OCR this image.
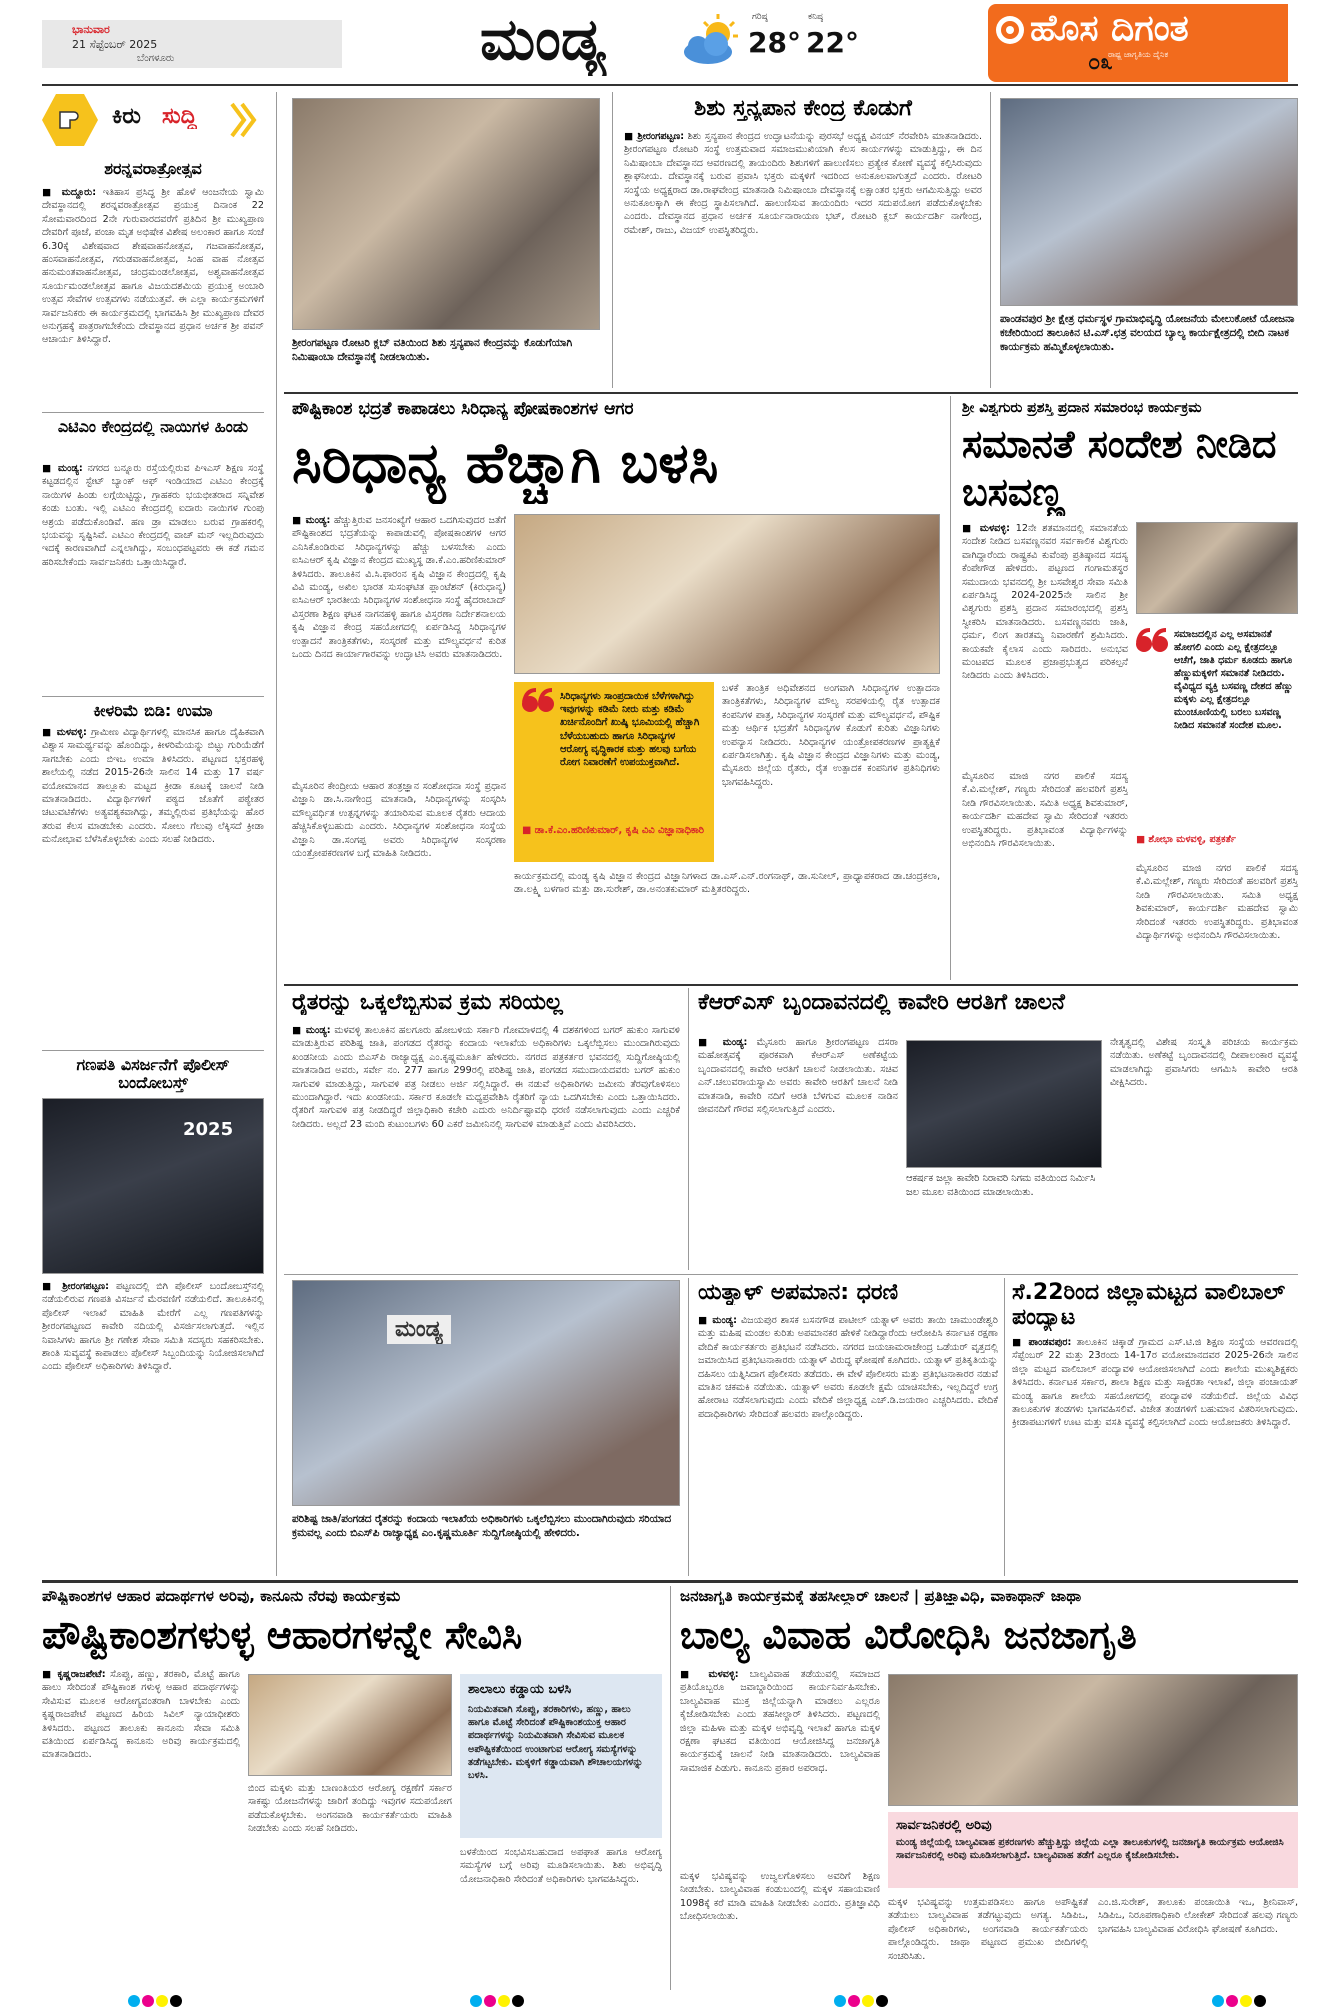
ಭಾನುವಾರ
21 ಸೆಪ್ಟೆಂಬರ್ 2025
ಬೆಂಗಳೂರು	ಮಂಡ್ಯ	ಗರಿಷ್ಠ
28°
ಕನಿಷ್ಠ
22°	ಹೊಸ ದಿಗಂತ
ರಾಷ್ಟ್ರ ಜಾಗೃತಿಯ ದೈನಿಕ
೦೩
ಕಿರು ಸುದ್ದಿ
ಶರನ್ನವರಾತ್ರೋತ್ಸವ
■ ಮದ್ದೂರು: ಇತಿಹಾಸ ಪ್ರಸಿದ್ಧ ಶ್ರೀ ಹೊಳೆ ಆಂಜನೇಯ ಸ್ವಾಮಿ ದೇವಸ್ಥಾನದಲ್ಲಿ ಶರನ್ನವರಾತ್ರೋತ್ಸವ ಪ್ರಯುಕ್ತ ದಿನಾಂಕ 22 ಸೋಮವಾರದಿಂದ 2ನೇ ಗುರುವಾರದವರೆಗೆ ಪ್ರತಿದಿನ ಶ್ರೀ ಮುಖ್ಯಪ್ರಾಣ ದೇವರಿಗೆ ಪೂಜೆ, ಪಂಚಾ ಮೃತ ಅಭಿಷೇಕ ವಿಶೇಷ ಅಲಂಕಾರ ಹಾಗೂ ಸಂಜೆ 6.30ಕ್ಕೆ ವಿಶೇಷವಾದ ಶೇಷವಾಹನೋತ್ಸವ, ಗಜವಾಹನೋತ್ಸವ, ಹಂಸವಾಹನೋತ್ಸವ, ಗರುಡವಾಹನೋತ್ಸವ, ಸಿಂಹ ವಾಹ ನೋತ್ಸವ ಹನುಮಂತವಾಹನೋತ್ಸವ, ಚಂದ್ರಮಂಡಲೋತ್ಸವ, ಅಶ್ವವಾಹನೋತ್ಸವ ಸೂರ್ಯಮಂಡಲೋತ್ಸವ ಹಾಗೂ ವಿಜಯದಶಮಿಯ ಪ್ರಯುಕ್ತ ಅಂಬಾರಿ ಉತ್ಸವ ಸೇವೆಗಳ ಉತ್ಸವಗಳು ನಡೆಯುತ್ತವೆ. ಈ ಎಲ್ಲಾ ಕಾರ್ಯಕ್ರಮಗಳಿಗೆ ಸಾರ್ವಜನಿಕರು ಈ ಕಾರ್ಯಕ್ರಮದಲ್ಲಿ ಭಾಗವಹಿಸಿ ಶ್ರೀ ಮುಖ್ಯಪ್ರಾಣ ದೇವರ ಅನುಗ್ರಹಕ್ಕೆ ಪಾತ್ರರಾಗಬೇಕೆಂದು ದೇವಸ್ಥಾನದ ಪ್ರಧಾನ ಅರ್ಚಕ ಶ್ರೀ ಪವನ್ ಆಚಾರ್ಯ ತಿಳಿಸಿದ್ದಾರೆ.
ಎಟಿಎಂ ಕೇಂದ್ರದಲ್ಲಿ ನಾಯಿಗಳ ಹಿಂಡು
■ ಮಂಡ್ಯ: ನಗರದ ಬನ್ನೂರು ರಸ್ತೆಯಲ್ಲಿರುವ ಪಿಇಎಸ್ ಶಿಕ್ಷಣ ಸಂಸ್ಥೆ ಕಟ್ಟಡದಲ್ಲಿನ ಸ್ಟೇಟ್ ಬ್ಯಾಂಕ್ ಆಫ್ ಇಂಡಿಯಾದ ಎಟಿಎಂ ಕೇಂದ್ರಕ್ಕೆ ನಾಯಿಗಳ ಹಿಂಡು ಲಗ್ಗೆಯಿಟ್ಟಿದ್ದು, ಗ್ರಾಹಕರು ಭಯಭೀತರಾದ ಸನ್ನಿವೇಶ ಕಂಡು ಬಂತು. ಇಲ್ಲಿ ಎಟಿಎಂ ಕೇಂದ್ರದಲ್ಲಿ ಐದಾರು ನಾಯಿಗಳ ಗುಂಪು ಆಶ್ರಯ ಪಡೆದುಕೊಂಡಿವೆ. ಹಣ ಡ್ರಾ ಮಾಡಲು ಬರುವ ಗ್ರಾಹಕರಲ್ಲಿ ಭಯವನ್ನು ಸೃಷ್ಟಿಸಿವೆ. ಎಟಿಎಂ ಕೇಂದ್ರದಲ್ಲಿ ವಾಚ್ ಮನ್ ಇಲ್ಲದಿರುವುದು ಇದಕ್ಕೆ ಕಾರಣವಾಗಿದೆ ಎನ್ನಲಾಗಿದ್ದು, ಸಂಬಂಧಪಟ್ಟವರು ಈ ಕಡೆ ಗಮನ ಹರಿಸಬೇಕೆಂದು ಸಾರ್ವಜನಿಕರು ಒತ್ತಾಯಿಸಿದ್ದಾರೆ.
ಕೀಳರಿಮೆ ಬಿಡಿ: ಉಮಾ
■ ಮಳವಳ್ಳಿ: ಗ್ರಾಮೀಣ ವಿದ್ಯಾರ್ಥಿಗಳಲ್ಲಿ ಮಾನಸಿಕ ಹಾಗೂ ದೈಹಿಕವಾಗಿ ವಿಶ್ವಾಸ ಸಾಮರ್ಥ್ಯವನ್ನು ಹೊಂದಿದ್ದು, ಕೀಳರಿಮೆಯನ್ನು ಬಿಟ್ಟು ಗುರಿಯೆಡೆಗೆ ಸಾಗಬೇಕು ಎಂದು ಬಿಇಒ ಉಮಾ ತಿಳಿಸಿದರು. ಪಟ್ಟಣದ ಭಕ್ತರಹಳ್ಳಿ ಶಾಲೆಯಲ್ಲಿ ನಡೆದ 2015-26ನೇ ಸಾಲಿನ 14 ಮತ್ತು 17 ವರ್ಷ ವಯೋಮಾನದ ತಾಲ್ಲೂಕು ಮಟ್ಟದ ಕ್ರೀಡಾ ಕೂಟಕ್ಕೆ ಚಾಲನೆ ನೀಡಿ ಮಾತನಾಡಿದರು. ವಿದ್ಯಾರ್ಥಿಗಳಿಗೆ ಪಠ್ಯದ ಜೊತೆಗೆ ಪಠ್ಯೇತರ ಚಟುವಟಿಕೆಗಳು ಅತ್ಯವಶ್ಯಕವಾಗಿದ್ದು, ತಮ್ಮಲ್ಲಿರುವ ಪ್ರತಿಭೆಯನ್ನು ಹೊರ ತರುವ ಕೆಲಸ ಮಾಡಬೇಕು ಎಂದರು. ಸೋಲು ಗೆಲುವು ಲೆಕ್ಕಿಸದೆ ಕ್ರೀಡಾ ಮನೋಭಾವ ಬೆಳೆಸಿಕೊಳ್ಳಬೇಕು ಎಂದು ಸಲಹೆ ನೀಡಿದರು.
ಗಣಪತಿ ವಿಸರ್ಜನೆಗೆ ಪೊಲೀಸ್ ಬಂದೋಬಸ್ತ್
2025
■ ಶ್ರೀರಂಗಪಟ್ಟಣ: ಪಟ್ಟಣದಲ್ಲಿ ಬಿಗಿ ಪೊಲೀಸ್ ಬಂದೋಬಸ್ತ್‌ನಲ್ಲಿ ನಡೆಯಲಿರುವ ಗಣಪತಿ ವಿಸರ್ಜನೆ ಮೆರವಣಿಗೆ ನಡೆಯಲಿದೆ. ತಾಲೂಕಿನಲ್ಲಿ ಪೊಲೀಸ್ ಇಲಾಖೆ ಮಾಹಿತಿ ಮೇರೆಗೆ ಎಲ್ಲ ಗಣಪತಿಗಳನ್ನು ಶ್ರೀರಂಗಪಟ್ಟಣದ ಕಾವೇರಿ ನದಿಯಲ್ಲಿ ವಿಸರ್ಜಿಸಲಾಗುತ್ತದೆ. ಇಲ್ಲಿನ ನಿವಾಸಿಗಳು ಹಾಗೂ ಶ್ರೀ ಗಣೇಶ ಸೇವಾ ಸಮಿತಿ ಸದಸ್ಯರು ಸಹಕರಿಸಬೇಕು. ಶಾಂತಿ ಸುವ್ಯವಸ್ಥೆ ಕಾಪಾಡಲು ಪೊಲೀಸ್ ಸಿಬ್ಬಂದಿಯನ್ನು ನಿಯೋಜಿಸಲಾಗಿದೆ ಎಂದು ಪೊಲೀಸ್ ಅಧಿಕಾರಿಗಳು ತಿಳಿಸಿದ್ದಾರೆ.
ಶ್ರೀರಂಗಪಟ್ಟಣ ರೋಟರಿ ಕ್ಲಬ್ ವತಿಯಿಂದ ಶಿಶು ಸ್ತನ್ಯಪಾನ ಕೇಂದ್ರವನ್ನು ಕೊಡುಗೆಯಾಗಿ ನಿಮಿಷಾಂಬಾ ದೇವಸ್ಥಾನಕ್ಕೆ ನೀಡಲಾಯಿತು.
ಶಿಶು ಸ್ತನ್ಯಪಾನ ಕೇಂದ್ರ ಕೊಡುಗೆ
■ ಶ್ರೀರಂಗಪಟ್ಟಣ: ಶಿಶು ಸ್ತನ್ಯಪಾನ ಕೇಂದ್ರದ ಉದ್ಘಾಟನೆಯನ್ನು ಪುರಸಭೆ ಅಧ್ಯಕ್ಷ ವಿನಯ್ ನೆರವೇರಿಸಿ ಮಾತನಾಡಿದರು. ಶ್ರೀರಂಗಪಟ್ಟಣ ರೋಟರಿ ಸಂಸ್ಥೆ ಉತ್ತಮವಾದ ಸಮಾಜಮುಖಿಯಾಗಿ ಕೆಲಸ ಕಾರ್ಯಗಳನ್ನು ಮಾಡುತ್ತಿದ್ದು, ಈ ದಿನ ನಿಮಿಷಾಂಬಾ ದೇವಸ್ಥಾನದ ಆವರಣದಲ್ಲಿ ತಾಯಂದಿರು ಶಿಶುಗಳಿಗೆ ಹಾಲುಣಿಸಲು ಪ್ರತ್ಯೇಕ ಕೋಣೆ ವ್ಯವಸ್ಥೆ ಕಲ್ಪಿಸಿರುವುದು ಶ್ಲಾಘನೀಯ. ದೇವಸ್ಥಾನಕ್ಕೆ ಬರುವ ಪ್ರವಾಸಿ ಭಕ್ತರು ಮಕ್ಕಳಿಗೆ ಇದರಿಂದ ಅನುಕೂಲವಾಗುತ್ತದೆ ಎಂದರು. ರೋಟರಿ ಸಂಸ್ಥೆಯ ಅಧ್ಯಕ್ಷರಾದ ಡಾ.ರಾಘವೇಂದ್ರ ಮಾತನಾಡಿ ನಿಮಿಷಾಂಬಾ ದೇವಸ್ಥಾನಕ್ಕೆ ಲಕ್ಷಾಂತರ ಭಕ್ತರು ಆಗಮಿಸುತ್ತಿದ್ದು ಅವರ ಅನುಕೂಲಕ್ಕಾಗಿ ಈ ಕೇಂದ್ರ ಸ್ಥಾಪಿಸಲಾಗಿದೆ. ಹಾಲುಣಿಸುವ ತಾಯಂದಿರು ಇದರ ಸದುಪಯೋಗ ಪಡೆದುಕೊಳ್ಳಬೇಕು ಎಂದರು. ದೇವಸ್ಥಾನದ ಪ್ರಧಾನ ಅರ್ಚಕ ಸೂರ್ಯನಾರಾಯಣ ಭಟ್, ರೋಟರಿ ಕ್ಲಬ್ ಕಾರ್ಯದರ್ಶಿ ನಾಗೇಂದ್ರ, ರಮೇಶ್, ರಾಜು, ವಿಜಯ್ ಉಪಸ್ಥಿತರಿದ್ದರು.
ಪಾಂಡವಪುರ ಶ್ರೀ ಕ್ಷೇತ್ರ ಧರ್ಮಸ್ಥಳ ಗ್ರಾಮಾಭಿವೃದ್ಧಿ ಯೋಜನೆಯ ಮೇಲುಕೋಟೆ ಯೋಜನಾ ಕಚೇರಿಯಿಂದ ತಾಲೂಕಿನ ಟಿ.ಎಸ್.ಛತ್ರ ವಲಯದ ಬ್ಯಾಲ್ಯ ಕಾರ್ಯಕ್ಷೇತ್ರದಲ್ಲಿ ಬೀದಿ ನಾಟಕ ಕಾರ್ಯಕ್ರಮ ಹಮ್ಮಿಕೊಳ್ಳಲಾಯಿತು.
ಪೌಷ್ಟಿಕಾಂಶ ಭದ್ರತೆ ಕಾಪಾಡಲು ಸಿರಿಧಾನ್ಯ ಪೋಷಕಾಂಶಗಳ ಆಗರ
ಸಿರಿಧಾನ್ಯ ಹೆಚ್ಚಾಗಿ ಬಳಸಿ
■ ಮಂಡ್ಯ: ಹೆಚ್ಚುತ್ತಿರುವ ಜನಸಂಖ್ಯೆಗೆ ಆಹಾರ ಒದಗಿಸುವುದರ ಜತೆಗೆ ಪೌಷ್ಟಿಕಾಂಶದ ಭದ್ರತೆಯನ್ನು ಕಾಪಾಡುವಲ್ಲಿ ಪೋಷಕಾಂಶಗಳ ಆಗರ ಎನಿಸಿಕೊಂಡಿರುವ ಸಿರಿಧಾನ್ಯಗಳನ್ನು ಹೆಚ್ಚು ಬಳಸಬೇಕು ಎಂದು ಐಸಿಎಆರ್ ಕೃಷಿ ವಿಜ್ಞಾನ ಕೇಂದ್ರದ ಮುಖ್ಯಸ್ಥ ಡಾ.ಕೆ.ಎಂ.ಹರಿಣಿಕುಮಾರ್ ತಿಳಿಸಿದರು. ತಾಲೂಕಿನ ವಿ.ಸಿ.ಫಾರಂನ ಕೃಷಿ ವಿಜ್ಞಾನ ಕೇಂದ್ರದಲ್ಲಿ ಕೃಷಿ ವಿವಿ ಮಂಡ್ಯ, ಅಖಿಲ ಭಾರತ ಸುಸಂಘಟಿತ ಪ್ಲಾಂಟೆಶನ್ (ಕಿರುಧಾನ್ಯ) ಐಸಿಎಆರ್ ಭಾರತೀಯ ಸಿರಿಧಾನ್ಯಗಳ ಸಂಶೋಧನಾ ಸಂಸ್ಥೆ ಹೈದರಾಬಾದ್ ವಿಸ್ತರಣಾ ಶಿಕ್ಷಣ ಘಟಕ ನಾಗನಹಳ್ಳಿ ಹಾಗೂ ವಿಸ್ತರಣಾ ನಿರ್ದೇಶನಾಲಯ ಕೃಷಿ ವಿಜ್ಞಾನ ಕೇಂದ್ರ ಸಹಯೋಗದಲ್ಲಿ ಏರ್ಪಡಿಸಿದ್ದ ಸಿರಿಧಾನ್ಯಗಳ ಉತ್ಪಾದನೆ ತಾಂತ್ರಿಕತೆಗಳು, ಸಂಸ್ಕರಣೆ ಮತ್ತು ಮೌಲ್ಯವರ್ಧನೆ ಕುರಿತ ಒಂದು ದಿನದ ಕಾರ್ಯಾಗಾರವನ್ನು ಉದ್ಘಾಟಿಸಿ ಅವರು ಮಾತನಾಡಿದರು.
ಮೈಸೂರಿನ ಕೇಂದ್ರೀಯ ಆಹಾರ ತಂತ್ರಜ್ಞಾನ ಸಂಶೋಧನಾ ಸಂಸ್ಥೆ ಪ್ರಧಾನ ವಿಜ್ಞಾನಿ ಡಾ.ಸಿ.ನಾಗೇಂದ್ರ ಮಾತನಾಡಿ, ಸಿರಿಧಾನ್ಯಗಳನ್ನು ಸಂಸ್ಕರಿಸಿ ಮೌಲ್ಯವರ್ಧಿತ ಉತ್ಪನ್ನಗಳನ್ನು ತಯಾರಿಸುವ ಮೂಲಕ ರೈತರು ಆದಾಯ ಹೆಚ್ಚಿಸಿಕೊಳ್ಳಬಹುದು ಎಂದರು. ಸಿರಿಧಾನ್ಯಗಳ ಸಂಶೋಧನಾ ಸಂಸ್ಥೆಯ ವಿಜ್ಞಾನಿ ಡಾ.ಸಂಗಪ್ಪ ಅವರು ಸಿರಿಧಾನ್ಯಗಳ ಸಂಸ್ಕರಣಾ ಯಂತ್ರೋಪಕರಣಗಳ ಬಗ್ಗೆ ಮಾಹಿತಿ ನೀಡಿದರು.
ಸಿರಿಧಾನ್ಯಗಳು ಸಾಂಪ್ರದಾಯಿಕ ಬೆಳೆಗಳಾಗಿದ್ದು ಇವುಗಳನ್ನು ಕಡಿಮೆ ನೀರು ಮತ್ತು ಕಡಿಮೆ ಖರ್ಚಿನೊಂದಿಗೆ ಖುಷ್ಕಿ ಭೂಮಿಯಲ್ಲಿ ಹೆಚ್ಚಾಗಿ ಬೆಳೆಯಬಹುದು ಹಾಗೂ ಸಿರಿಧಾನ್ಯಗಳ ಆರೋಗ್ಯ ವೃದ್ಧಿಕಾರಕ ಮತ್ತು ಹಲವು ಬಗೆಯ ರೋಗ ನಿವಾರಣೆಗೆ ಉಪಯುಕ್ತವಾಗಿದೆ.
■ ಡಾ.ಕೆ.ಎಂ.ಹರಿಣಿಕುಮಾರ್, ಕೃಷಿ ವಿವಿ ವಿಜ್ಞಾನಾಧಿಕಾರಿ
ಬಳಕೆ ತಾಂತ್ರಿಕ ಅಧಿವೇಶನದ ಅಂಗವಾಗಿ ಸಿರಿಧಾನ್ಯಗಳ ಉತ್ಪಾದನಾ ತಾಂತ್ರಿಕತೆಗಳು, ಸಿರಿಧಾನ್ಯಗಳ ಮೌಲ್ಯ ಸರಪಳಿಯಲ್ಲಿ ರೈತ ಉತ್ಪಾದಕ ಕಂಪನಿಗಳ ಪಾತ್ರ, ಸಿರಿಧಾನ್ಯಗಳ ಸಂಸ್ಕರಣೆ ಮತ್ತು ಮೌಲ್ಯವರ್ಧನೆ, ಪೌಷ್ಟಿಕ ಮತ್ತು ಆರ್ಥಿಕ ಭದ್ರತೆಗೆ ಸಿರಿಧಾನ್ಯಗಳ ಕೊಡುಗೆ ಕುರಿತು ವಿಜ್ಞಾನಿಗಳು ಉಪನ್ಯಾಸ ನೀಡಿದರು. ಸಿರಿಧಾನ್ಯಗಳ ಯಂತ್ರೋಪಕರಣಗಳ ಪ್ರಾತ್ಯಕ್ಷಿಕೆ ಏರ್ಪಡಿಸಲಾಗಿತ್ತು. ಕೃಷಿ ವಿಜ್ಞಾನ ಕೇಂದ್ರದ ವಿಜ್ಞಾನಿಗಳು ಮತ್ತು ಮಂಡ್ಯ, ಮೈಸೂರು ಜಿಲ್ಲೆಯ ರೈತರು, ರೈತ ಉತ್ಪಾದಕ ಕಂಪನಿಗಳ ಪ್ರತಿನಿಧಿಗಳು ಭಾಗವಹಿಸಿದ್ದರು.
ಕಾರ್ಯಕ್ರಮದಲ್ಲಿ ಮಂಡ್ಯ ಕೃಷಿ ವಿಜ್ಞಾನ ಕೇಂದ್ರದ ವಿಜ್ಞಾನಿಗಳಾದ ಡಾ.ಎಸ್.ಎನ್.ರಂಗನಾಥ್, ಡಾ.ಸುನೀಲ್, ಪ್ರಾಧ್ಯಾಪಕರಾದ ಡಾ.ಚಂದ್ರಕಲಾ, ಡಾ.ಲಕ್ಷ್ಮಿ ಬಳಗಾರ ಮತ್ತು ಡಾ.ಸುರೇಶ್, ಡಾ.ಅನಂತಕುಮಾರ್ ಮತ್ತಿತರರಿದ್ದರು.
ಶ್ರೀ ವಿಶ್ವಗುರು ಪ್ರಶಸ್ತಿ ಪ್ರದಾನ ಸಮಾರಂಭ ಕಾರ್ಯಕ್ರಮ
ಸಮಾನತೆ ಸಂದೇಶ ನೀಡಿದ ಬಸವಣ್ಣ
■ ಮಳವಳ್ಳಿ: 12ನೇ ಶತಮಾನದಲ್ಲಿ ಸಮಾನತೆಯ ಸಂದೇಶ ನೀಡಿದ ಬಸವಣ್ಣನವರ ಸರ್ವಕಾಲಿಕ ವಿಶ್ವಗುರು ವಾಗಿದ್ದಾರೆಂದು ರಾಷ್ಟ್ರಕವಿ ಕುವೆಂಪು ಪ್ರತಿಷ್ಠಾನದ ಸದಸ್ಯ ಕೆಂಪೇಗೌಡ ಹೇಳಿದರು. ಪಟ್ಟಣದ ಗಂಗಾಮತಸ್ಥರ ಸಮುದಾಯ ಭವನದಲ್ಲಿ ಶ್ರೀ ಬಸವೇಶ್ವರ ಸೇವಾ ಸಮಿತಿ ಏರ್ಪಡಿಸಿದ್ದ 2024-2025ನೇ ಸಾಲಿನ ಶ್ರೀ ವಿಶ್ವಗುರು ಪ್ರಶಸ್ತಿ ಪ್ರದಾನ ಸಮಾರಂಭದಲ್ಲಿ ಪ್ರಶಸ್ತಿ ಸ್ವೀಕರಿಸಿ ಮಾತನಾಡಿದರು. ಬಸವಣ್ಣನವರು ಜಾತಿ, ಧರ್ಮ, ಲಿಂಗ ತಾರತಮ್ಯ ನಿವಾರಣೆಗೆ ಶ್ರಮಿಸಿದರು. ಕಾಯಕವೇ ಕೈಲಾಸ ಎಂದು ಸಾರಿದರು. ಅನುಭವ ಮಂಟಪದ ಮೂಲಕ ಪ್ರಜಾಪ್ರಭುತ್ವದ ಪರಿಕಲ್ಪನೆ ನೀಡಿದರು ಎಂದು ತಿಳಿಸಿದರು.
ಸಮಾಜದಲ್ಲಿನ ಎಲ್ಲ ಅಸಮಾನತೆ ಹೋಗಲಿ ಎಂದು ಎಲ್ಲ ಕ್ಷೇತ್ರದಲ್ಲೂ ಆಚೆಗೆ, ಜಾತಿ ಧರ್ಮ ಕೂಡದು ಹಾಗೂ ಹೆಣ್ಣುಮಕ್ಕಳಿಗೆ ಸಮಾನತೆ ನೀಡಿದರು. ವೈವಿಧ್ಯದ ವ್ಯಕ್ತಿ ಬಸವಣ್ಣ ದೇಶದ ಹೆಣ್ಣು ಮಕ್ಕಳು ಎಲ್ಲ ಕ್ಷೇತ್ರದಲ್ಲೂ ಮುಂಚೂಣಿಯಲ್ಲಿ ಬರಲು ಬಸವಣ್ಣ ನೀಡಿದ ಸಮಾನತೆ ಸಂದೇಶ ಮೂಲ.
■ ಶೋಭಾ ಮಳವಳ್ಳಿ, ಪತ್ರಕರ್ತೆ
ಮೈಸೂರಿನ ಮಾಜಿ ನಗರ ಪಾಲಿಕೆ ಸದಸ್ಯ ಕೆ.ವಿ.ಮಲ್ಲೇಶ್, ಗಣ್ಯರು ಸೇರಿದಂತೆ ಹಲವರಿಗೆ ಪ್ರಶಸ್ತಿ ನೀಡಿ ಗೌರವಿಸಲಾಯಿತು. ಸಮಿತಿ ಅಧ್ಯಕ್ಷ ಶಿವಕುಮಾರ್, ಕಾರ್ಯದರ್ಶಿ ಮಹದೇವ ಸ್ವಾಮಿ ಸೇರಿದಂತೆ ಇತರರು ಉಪಸ್ಥಿತರಿದ್ದರು. ಪ್ರತಿಭಾವಂತ ವಿದ್ಯಾರ್ಥಿಗಳನ್ನು ಅಭಿನಂದಿಸಿ ಗೌರವಿಸಲಾಯಿತು.
ಮೈಸೂರಿನ ಮಾಜಿ ನಗರ ಪಾಲಿಕೆ ಸದಸ್ಯ ಕೆ.ವಿ.ಮಲ್ಲೇಶ್, ಗಣ್ಯರು ಸೇರಿದಂತೆ ಹಲವರಿಗೆ ಪ್ರಶಸ್ತಿ ನೀಡಿ ಗೌರವಿಸಲಾಯಿತು. ಸಮಿತಿ ಅಧ್ಯಕ್ಷ ಶಿವಕುಮಾರ್, ಕಾರ್ಯದರ್ಶಿ ಮಹದೇವ ಸ್ವಾಮಿ ಸೇರಿದಂತೆ ಇತರರು ಉಪಸ್ಥಿತರಿದ್ದರು. ಪ್ರತಿಭಾವಂತ ವಿದ್ಯಾರ್ಥಿಗಳನ್ನು ಅಭಿನಂದಿಸಿ ಗೌರವಿಸಲಾಯಿತು.
ರೈತರನ್ನು ಒಕ್ಕಲೆಬ್ಬಿಸುವ ಕ್ರಮ ಸರಿಯಲ್ಲ
■ ಮಂಡ್ಯ: ಮಳವಳ್ಳಿ ತಾಲೂಕಿನ ಹಲಗೂರು ಹೋಬಳಿಯ ಸರ್ಕಾರಿ ಗೋಮಾಳದಲ್ಲಿ 4 ದಶಕಗಳಿಂದ ಬಗರ್ ಹುಕುಂ ಸಾಗುವಳಿ ಮಾಡುತ್ತಿರುವ ಪರಿಶಿಷ್ಟ ಜಾತಿ, ಪಂಗಡದ ರೈತರನ್ನು ಕಂದಾಯ ಇಲಾಖೆಯ ಅಧಿಕಾರಿಗಳು ಒಕ್ಕಲೆಬ್ಬಿಸಲು ಮುಂದಾಗಿರುವುದು ಖಂಡನೀಯ ಎಂದು ಬಿಎಸ್‌ಪಿ ರಾಜ್ಯಾಧ್ಯಕ್ಷ ಎಂ.ಕೃಷ್ಣಮೂರ್ತಿ ಹೇಳಿದರು. ನಗರದ ಪತ್ರಕರ್ತರ ಭವನದಲ್ಲಿ ಸುದ್ದಿಗೋಷ್ಠಿಯಲ್ಲಿ ಮಾತನಾಡಿದ ಅವರು, ಸರ್ವೇ ನಂ. 277 ಹಾಗೂ 299ರಲ್ಲಿ ಪರಿಶಿಷ್ಟ ಜಾತಿ, ಪಂಗಡದ ಸಮುದಾಯದವರು ಬಗರ್ ಹುಕುಂ ಸಾಗುವಳಿ ಮಾಡುತ್ತಿದ್ದು, ಸಾಗುವಳಿ ಪತ್ರ ನೀಡಲು ಅರ್ಜಿ ಸಲ್ಲಿಸಿದ್ದಾರೆ. ಈ ನಡುವೆ ಅಧಿಕಾರಿಗಳು ಜಮೀನು ತೆರವುಗೊಳಿಸಲು ಮುಂದಾಗಿದ್ದಾರೆ. ಇದು ಖಂಡನೀಯ. ಸರ್ಕಾರ ಕೂಡಲೇ ಮಧ್ಯಪ್ರವೇಶಿಸಿ ರೈತರಿಗೆ ನ್ಯಾಯ ಒದಗಿಸಬೇಕು ಎಂದು ಒತ್ತಾಯಿಸಿದರು. ರೈತರಿಗೆ ಸಾಗುವಳಿ ಪತ್ರ ನೀಡದಿದ್ದರೆ ಜಿಲ್ಲಾಧಿಕಾರಿ ಕಚೇರಿ ಎದುರು ಅನಿರ್ದಿಷ್ಟಾವಧಿ ಧರಣಿ ನಡೆಸಲಾಗುವುದು ಎಂದು ಎಚ್ಚರಿಕೆ ನೀಡಿದರು. ಅಲ್ಲದೆ 23 ಮಂದಿ ಕುಟುಂಬಗಳು 60 ಎಕರೆ ಜಮೀನಿನಲ್ಲಿ ಸಾಗುವಳಿ ಮಾಡುತ್ತಿವೆ ಎಂದು ವಿವರಿಸಿದರು.
ಕೆಆರ್‌ಎಸ್ ಬೃಂದಾವನದಲ್ಲಿ ಕಾವೇರಿ ಆರತಿಗೆ ಚಾಲನೆ
■ ಮಂಡ್ಯ: ಮೈಸೂರು ಹಾಗೂ ಶ್ರೀರಂಗಪಟ್ಟಣ ದಸರಾ ಮಹೋತ್ಸವಕ್ಕೆ ಪೂರಕವಾಗಿ ಕೆಆರ್‌ಎಸ್ ಅಣೆಕಟ್ಟೆಯ ಬೃಂದಾವನದಲ್ಲಿ ಕಾವೇರಿ ಆರತಿಗೆ ಚಾಲನೆ ನೀಡಲಾಯಿತು. ಸಚಿವ ಎನ್.ಚಲುವರಾಯಸ್ವಾಮಿ ಅವರು ಕಾವೇರಿ ಆರತಿಗೆ ಚಾಲನೆ ನೀಡಿ ಮಾತನಾಡಿ, ಕಾವೇರಿ ನದಿಗೆ ಆರತಿ ಬೆಳಗುವ ಮೂಲಕ ನಾಡಿನ ಜೀವನದಿಗೆ ಗೌರವ ಸಲ್ಲಿಸಲಾಗುತ್ತಿದೆ ಎಂದರು.
ಆಕರ್ಷಕ ಜಲ್ಲಾ ಕಾವೇರಿ ನಿರಾವರಿ ನಿಗಮ ವತಿಯಿಂದ ನಿರ್ಮಿಸಿ ಜಲ ಮೂಲ ವತಿಯಿಂದ ಮಾಡಲಾಯಿತು.
ನೇತೃತ್ವದಲ್ಲಿ ವಿಶೇಷ ಸಂಸ್ಕೃತಿ ಪರಿಚಯ ಕಾರ್ಯಕ್ರಮ ನಡೆಯಿತು. ಅಣೆಕಟ್ಟೆ ಬೃಂದಾವನದಲ್ಲಿ ದೀಪಾಲಂಕಾರ ವ್ಯವಸ್ಥೆ ಮಾಡಲಾಗಿದ್ದು ಪ್ರವಾಸಿಗರು ಆಗಮಿಸಿ ಕಾವೇರಿ ಆರತಿ ವೀಕ್ಷಿಸಿದರು.
ಮಂಡ್ಯ
ಪರಿಶಿಷ್ಟ ಜಾತಿ/ಪಂಗಡದ ರೈತರನ್ನು ಕಂದಾಯ ಇಲಾಖೆಯ ಅಧಿಕಾರಿಗಳು ಒಕ್ಕಲೆಬ್ಬಿಸಲು ಮುಂದಾಗಿರುವುದು ಸರಿಯಾದ ಕ್ರಮವಲ್ಲ ಎಂದು ಬಿಎಸ್‌ಪಿ ರಾಜ್ಯಾಧ್ಯಕ್ಷ ಎಂ.ಕೃಷ್ಣಮೂರ್ತಿ ಸುದ್ದಿಗೋಷ್ಠಿಯಲ್ಲಿ ಹೇಳಿದರು.
ಯತ್ನಾಳ್ ಅಪಮಾನ: ಧರಣಿ
■ ಮಂಡ್ಯ: ವಿಜಯಪುರ ಶಾಸಕ ಬಸನಗೌಡ ಪಾಟೀಲ್ ಯತ್ನಾಳ್ ಅವರು ತಾಯಿ ಚಾಮುಂಡೇಶ್ವರಿ ಮತ್ತು ಮಹಿಷ ಮಂಡಲ ಕುರಿತು ಅಪಮಾನಕರ ಹೇಳಿಕೆ ನೀಡಿದ್ದಾರೆಂದು ಆರೋಪಿಸಿ ಕರ್ನಾಟಕ ರಕ್ಷಣಾ ವೇದಿಕೆ ಕಾರ್ಯಕರ್ತರು ಪ್ರತಿಭಟನೆ ನಡೆಸಿದರು. ನಗರದ ಜಯಚಾಮರಾಜೇಂದ್ರ ಒಡೆಯರ್ ವೃತ್ತದಲ್ಲಿ ಜಮಾಯಿಸಿದ ಪ್ರತಿಭಟನಾಕಾರರು ಯತ್ನಾಳ್ ವಿರುದ್ಧ ಘೋಷಣೆ ಕೂಗಿದರು. ಯತ್ನಾಳ್ ಪ್ರತಿಕೃತಿಯನ್ನು ದಹಿಸಲು ಯತ್ನಿಸಿದಾಗ ಪೊಲೀಸರು ತಡೆದರು. ಈ ವೇಳೆ ಪೊಲೀಸರು ಮತ್ತು ಪ್ರತಿಭಟನಾಕಾರರ ನಡುವೆ ಮಾತಿನ ಚಕಮಕಿ ನಡೆಯಿತು. ಯತ್ನಾಳ್ ಅವರು ಕೂಡಲೇ ಕ್ಷಮೆ ಯಾಚಿಸಬೇಕು, ಇಲ್ಲದಿದ್ದರೆ ಉಗ್ರ ಹೋರಾಟ ನಡೆಸಲಾಗುವುದು ಎಂದು ವೇದಿಕೆ ಜಿಲ್ಲಾಧ್ಯಕ್ಷ ಎಚ್.ಡಿ.ಜಯರಾಂ ಎಚ್ಚರಿಸಿದರು. ವೇದಿಕೆ ಪದಾಧಿಕಾರಿಗಳು ಸೇರಿದಂತೆ ಹಲವರು ಪಾಲ್ಗೊಂಡಿದ್ದರು.
ಸೆ.22ರಿಂದ ಜಿಲ್ಲಾಮಟ್ಟದ ವಾಲಿಬಾಲ್ ಪಂದ್ಯಾಟ
■ ಪಾಂಡವಪುರ: ತಾಲೂಕಿನ ಚಿಕ್ಕಾಡೆ ಗ್ರಾಮದ ಎಸ್.ಟಿ.ಜಿ ಶಿಕ್ಷಣ ಸಂಸ್ಥೆಯ ಆವರಣದಲ್ಲಿ ಸೆಪ್ಟೆಂಬರ್ 22 ಮತ್ತು 23ರಂದು 14-17ರ ವಯೋಮಾನದವರ 2025-26ನೇ ಸಾಲಿನ ಜಿಲ್ಲಾ ಮಟ್ಟದ ವಾಲಿಬಾಲ್ ಪಂದ್ಯಾವಳಿ ಆಯೋಜಿಸಲಾಗಿದೆ ಎಂದು ಶಾಲೆಯ ಮುಖ್ಯಶಿಕ್ಷಕರು ತಿಳಿಸಿದರು. ಕರ್ನಾಟಕ ಸರ್ಕಾರ, ಶಾಲಾ ಶಿಕ್ಷಣ ಮತ್ತು ಸಾಕ್ಷರತಾ ಇಲಾಖೆ, ಜಿಲ್ಲಾ ಪಂಚಾಯತ್ ಮಂಡ್ಯ ಹಾಗೂ ಶಾಲೆಯ ಸಹಯೋಗದಲ್ಲಿ ಪಂದ್ಯಾವಳಿ ನಡೆಯಲಿದೆ. ಜಿಲ್ಲೆಯ ವಿವಿಧ ತಾಲೂಕುಗಳ ತಂಡಗಳು ಭಾಗವಹಿಸಲಿವೆ. ವಿಜೇತ ತಂಡಗಳಿಗೆ ಬಹುಮಾನ ವಿತರಿಸಲಾಗುವುದು. ಕ್ರೀಡಾಪಟುಗಳಿಗೆ ಊಟ ಮತ್ತು ವಸತಿ ವ್ಯವಸ್ಥೆ ಕಲ್ಪಿಸಲಾಗಿದೆ ಎಂದು ಆಯೋಜಕರು ತಿಳಿಸಿದ್ದಾರೆ.
ಪೌಷ್ಟಿಕಾಂಶಗಳ ಆಹಾರ ಪದಾರ್ಥಗಳ ಅರಿವು, ಕಾನೂನು ನೆರವು ಕಾರ್ಯಕ್ರಮ
ಪೌಷ್ಟಿಕಾಂಶಗಳುಳ್ಳ ಆಹಾರಗಳನ್ನೇ ಸೇವಿಸಿ
■ ಕೃಷ್ಣರಾಜಪೇಟೆ: ಸೊಪ್ಪು, ಹಣ್ಣು, ತರಕಾರಿ, ಮೊಟ್ಟೆ ಹಾಗೂ ಹಾಲು ಸೇರಿದಂತೆ ಪೌಷ್ಟಿಕಾಂಶ ಗಳುಳ್ಳ ಆಹಾರ ಪದಾರ್ಥಗಳನ್ನು ಸೇವಿಸುವ ಮೂಲಕ ಆರೋಗ್ಯವಂತರಾಗಿ ಬಾಳಬೇಕು ಎಂದು ಕೃಷ್ಣರಾಜಪೇಟೆ ಪಟ್ಟಣದ ಹಿರಿಯ ಸಿವಿಲ್ ನ್ಯಾಯಾಧೀಶರು ತಿಳಿಸಿದರು. ಪಟ್ಟಣದ ತಾಲೂಕು ಕಾನೂನು ಸೇವಾ ಸಮಿತಿ ವತಿಯಿಂದ ಏರ್ಪಡಿಸಿದ್ದ ಕಾನೂನು ಅರಿವು ಕಾರ್ಯಕ್ರಮದಲ್ಲಿ ಮಾತನಾಡಿದರು.
ಬಿಂದ ಮಕ್ಕಳು ಮತ್ತು ಬಾಣಂತಿಯರ ಆರೋಗ್ಯ ರಕ್ಷಣೆಗೆ ಸರ್ಕಾರ ಸಾಕಷ್ಟು ಯೋಜನೆಗಳನ್ನು ಜಾರಿಗೆ ತಂದಿದ್ದು ಇವುಗಳ ಸದುಪಯೋಗ ಪಡೆದುಕೊಳ್ಳಬೇಕು. ಅಂಗನವಾಡಿ ಕಾರ್ಯಕರ್ತೆಯರು ಮಾಹಿತಿ ನೀಡಬೇಕು ಎಂದು ಸಲಹೆ ನೀಡಿದರು.
ಶಾಲಾಲು ಕಡ್ಡಾಯ ಬಳಸಿ
ನಿಯಮಿತವಾಗಿ ಸೊಪ್ಪು, ತರಕಾರಿಗಳು, ಹಣ್ಣು, ಹಾಲು ಹಾಗೂ ಮೊಟ್ಟೆ ಸೇರಿದಂತೆ ಪೌಷ್ಟಿಕಾಂಶಯುಕ್ತ ಆಹಾರ ಪದಾರ್ಥಗಳನ್ನು ನಿಯಮಿತವಾಗಿ ಸೇವಿಸುವ ಮೂಲಕ ಅಪೌಷ್ಟಿಕತೆಯಿಂದ ಉಂಟಾಗುವ ಆರೋಗ್ಯ ಸಮಸ್ಯೆಗಳನ್ನು ತಡೆಗಟ್ಟಬೇಕು. ಮಕ್ಕಳಿಗೆ ಕಡ್ಡಾಯವಾಗಿ ಶೌಚಾಲಯಗಳನ್ನು ಬಳಸಿ.
ಬಳಕೆಯಿಂದ ಸಂಭವಿಸಬಹುದಾದ ಅಪಘಾತ ಹಾಗೂ ಆರೋಗ್ಯ ಸಮಸ್ಯೆಗಳ ಬಗ್ಗೆ ಅರಿವು ಮೂಡಿಸಲಾಯಿತು. ಶಿಶು ಅಭಿವೃದ್ಧಿ ಯೋಜನಾಧಿಕಾರಿ ಸೇರಿದಂತೆ ಅಧಿಕಾರಿಗಳು ಭಾಗವಹಿಸಿದ್ದರು.
ಜನಜಾಗೃತಿ ಕಾರ್ಯಕ್ರಮಕ್ಕೆ ತಹಸೀಲ್ದಾರ್ ಚಾಲನೆ | ಪ್ರತಿಜ್ಞಾವಿಧಿ, ವಾಕಾಥಾನ್ ಜಾಥಾ
ಬಾಲ್ಯ ವಿವಾಹ ವಿರೋಧಿಸಿ ಜನಜಾಗೃತಿ
■ ಮಳವಳ್ಳಿ: ಬಾಲ್ಯವಿವಾಹ ತಡೆಯುವಲ್ಲಿ ಸಮಾಜದ ಪ್ರತಿಯೊಬ್ಬರೂ ಜವಾಬ್ದಾರಿಯಿಂದ ಕಾರ್ಯನಿರ್ವಹಿಸಬೇಕು. ಬಾಲ್ಯವಿವಾಹ ಮುಕ್ತ ಜಿಲ್ಲೆಯನ್ನಾಗಿ ಮಾಡಲು ಎಲ್ಲರೂ ಕೈಜೋಡಿಸಬೇಕು ಎಂದು ತಹಸೀಲ್ದಾರ್ ತಿಳಿಸಿದರು. ಪಟ್ಟಣದಲ್ಲಿ ಜಿಲ್ಲಾ ಮಹಿಳಾ ಮತ್ತು ಮಕ್ಕಳ ಅಭಿವೃದ್ಧಿ ಇಲಾಖೆ ಹಾಗೂ ಮಕ್ಕಳ ರಕ್ಷಣಾ ಘಟಕದ ವತಿಯಿಂದ ಆಯೋಜಿಸಿದ್ದ ಜನಜಾಗೃತಿ ಕಾರ್ಯಕ್ರಮಕ್ಕೆ ಚಾಲನೆ ನೀಡಿ ಮಾತನಾಡಿದರು. ಬಾಲ್ಯವಿವಾಹ ಸಾಮಾಜಿಕ ಪಿಡುಗು. ಕಾನೂನು ಪ್ರಕಾರ ಅಪರಾಧ.
ಸಾರ್ವಜನಿಕರಲ್ಲಿ ಅರಿವು
ಮಂಡ್ಯ ಜಿಲ್ಲೆಯಲ್ಲಿ ಬಾಲ್ಯವಿವಾಹ ಪ್ರಕರಣಗಳು ಹೆಚ್ಚುತ್ತಿದ್ದು ಜಿಲ್ಲೆಯ ಎಲ್ಲಾ ತಾಲೂಕುಗಳಲ್ಲಿ ಜನಜಾಗೃತಿ ಕಾರ್ಯಕ್ರಮ ಆಯೋಜಿಸಿ ಸಾರ್ವಜನಿಕರಲ್ಲಿ ಅರಿವು ಮೂಡಿಸಲಾಗುತ್ತಿದೆ. ಬಾಲ್ಯವಿವಾಹ ತಡೆಗೆ ಎಲ್ಲರೂ ಕೈಜೋಡಿಸಬೇಕು.
ಮಕ್ಕಳ ಭವಿಷ್ಯವನ್ನು ಉಜ್ವಲಗೊಳಿಸಲು ಅವರಿಗೆ ಶಿಕ್ಷಣ ನೀಡಬೇಕು. ಬಾಲ್ಯವಿವಾಹ ಕಂಡುಬಂದಲ್ಲಿ ಮಕ್ಕಳ ಸಹಾಯವಾಣಿ 1098ಕ್ಕೆ ಕರೆ ಮಾಡಿ ಮಾಹಿತಿ ನೀಡಬೇಕು ಎಂದರು. ಪ್ರತಿಜ್ಞಾವಿಧಿ ಬೋಧಿಸಲಾಯಿತು.
ಮಕ್ಕಳ ಭವಿಷ್ಯವನ್ನು ಉತ್ತಮಪಡಿಸಲು ಹಾಗೂ ಅಪೌಷ್ಟಿಕತೆ ತಡೆಯಲು ಬಾಲ್ಯವಿವಾಹ ತಡೆಗಟ್ಟುವುದು ಅಗತ್ಯ. ಸಿಡಿಪಿಒ, ಪೊಲೀಸ್ ಅಧಿಕಾರಿಗಳು, ಅಂಗನವಾಡಿ ಕಾರ್ಯಕರ್ತೆಯರು ಪಾಲ್ಗೊಂಡಿದ್ದರು. ಜಾಥಾ ಪಟ್ಟಣದ ಪ್ರಮುಖ ಬೀದಿಗಳಲ್ಲಿ ಸಂಚರಿಸಿತು.
ಎಂ.ಜಿ.ಸುರೇಶ್, ತಾಲೂಕು ಪಂಚಾಯಿತಿ ಇಒ, ಶ್ರೀನಿವಾಸ್, ಸಿಡಿಪಿಒ, ನಿರೂಪಣಾಧಿಕಾರಿ ಲೋಕೇಶ್ ಸೇರಿದಂತೆ ಹಲವು ಗಣ್ಯರು ಭಾಗವಹಿಸಿ ಬಾಲ್ಯವಿವಾಹ ವಿರೋಧಿಸಿ ಘೋಷಣೆ ಕೂಗಿದರು.
